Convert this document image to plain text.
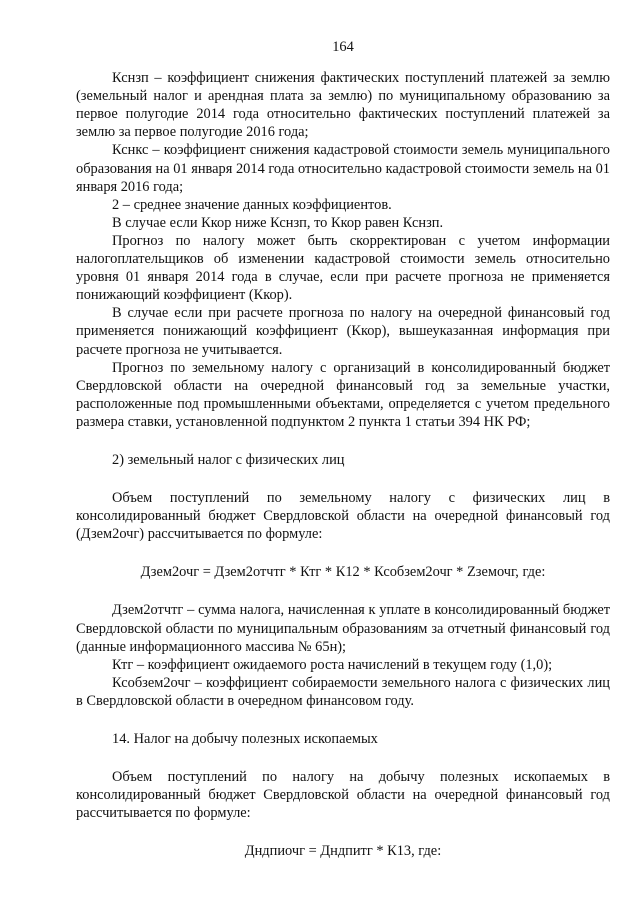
164

Кснзп – коэффициент снижения фактических поступлений платежей за землю (земельный налог и арендная плата за землю) по муниципальному образованию за первое полугодие 2014 года относительно фактических поступлений платежей за землю за первое полугодие 2016 года;

Кснкс – коэффициент снижения кадастровой стоимости земель муниципального образования на 01 января 2014 года относительно кадастровой стоимости земель на 01 января 2016 года;

2 – среднее значение данных коэффициентов.

В случае если Ккор ниже Кснзп, то Ккор равен Кснзп.

Прогноз по налогу может быть скорректирован с учетом информации налогоплательщиков об изменении кадастровой стоимости земель относительно уровня 01 января 2014 года в случае, если при расчете прогноза не применяется понижающий коэффициент (Ккор).

В случае если при расчете прогноза по налогу на очередной финансовый год применяется понижающий коэффициент (Ккор), вышеуказанная информация при расчете прогноза не учитывается.

Прогноз по земельному налогу с организаций в консолидированный бюджет Свердловской области на очередной финансовый год за земельные участки, расположенные под промышленными объектами, определяется с учетом предельного размера ставки, установленной подпунктом 2 пункта 1 статьи 394 НК РФ;

2) земельный налог с физических лиц

Объем поступлений по земельному налогу с физических лиц в консолидированный бюджет Свердловской области на очередной финансовый год (Дзем2очг) рассчитывается по формуле:

Дзем2очг = Дзем2отчтг * Ктг * К12 * Ксобзем2очг * Zземочг, где:

Дзем2отчтг – сумма налога, начисленная к уплате в консолидированный бюджет Свердловской области по муниципальным образованиям за отчетный финансовый год (данные информационного массива № 65н);

Ктг – коэффициент ожидаемого роста начислений в текущем году (1,0);

Ксобзем2очг – коэффициент собираемости земельного налога с физических лиц в Свердловской области в очередном финансовом году.

14. Налог на добычу полезных ископаемых

Объем поступлений по налогу на добычу полезных ископаемых в консолидированный бюджет Свердловской области на очередной финансовый год рассчитывается по формуле:

Дндпиочг = Дндпитг * К13, где:
